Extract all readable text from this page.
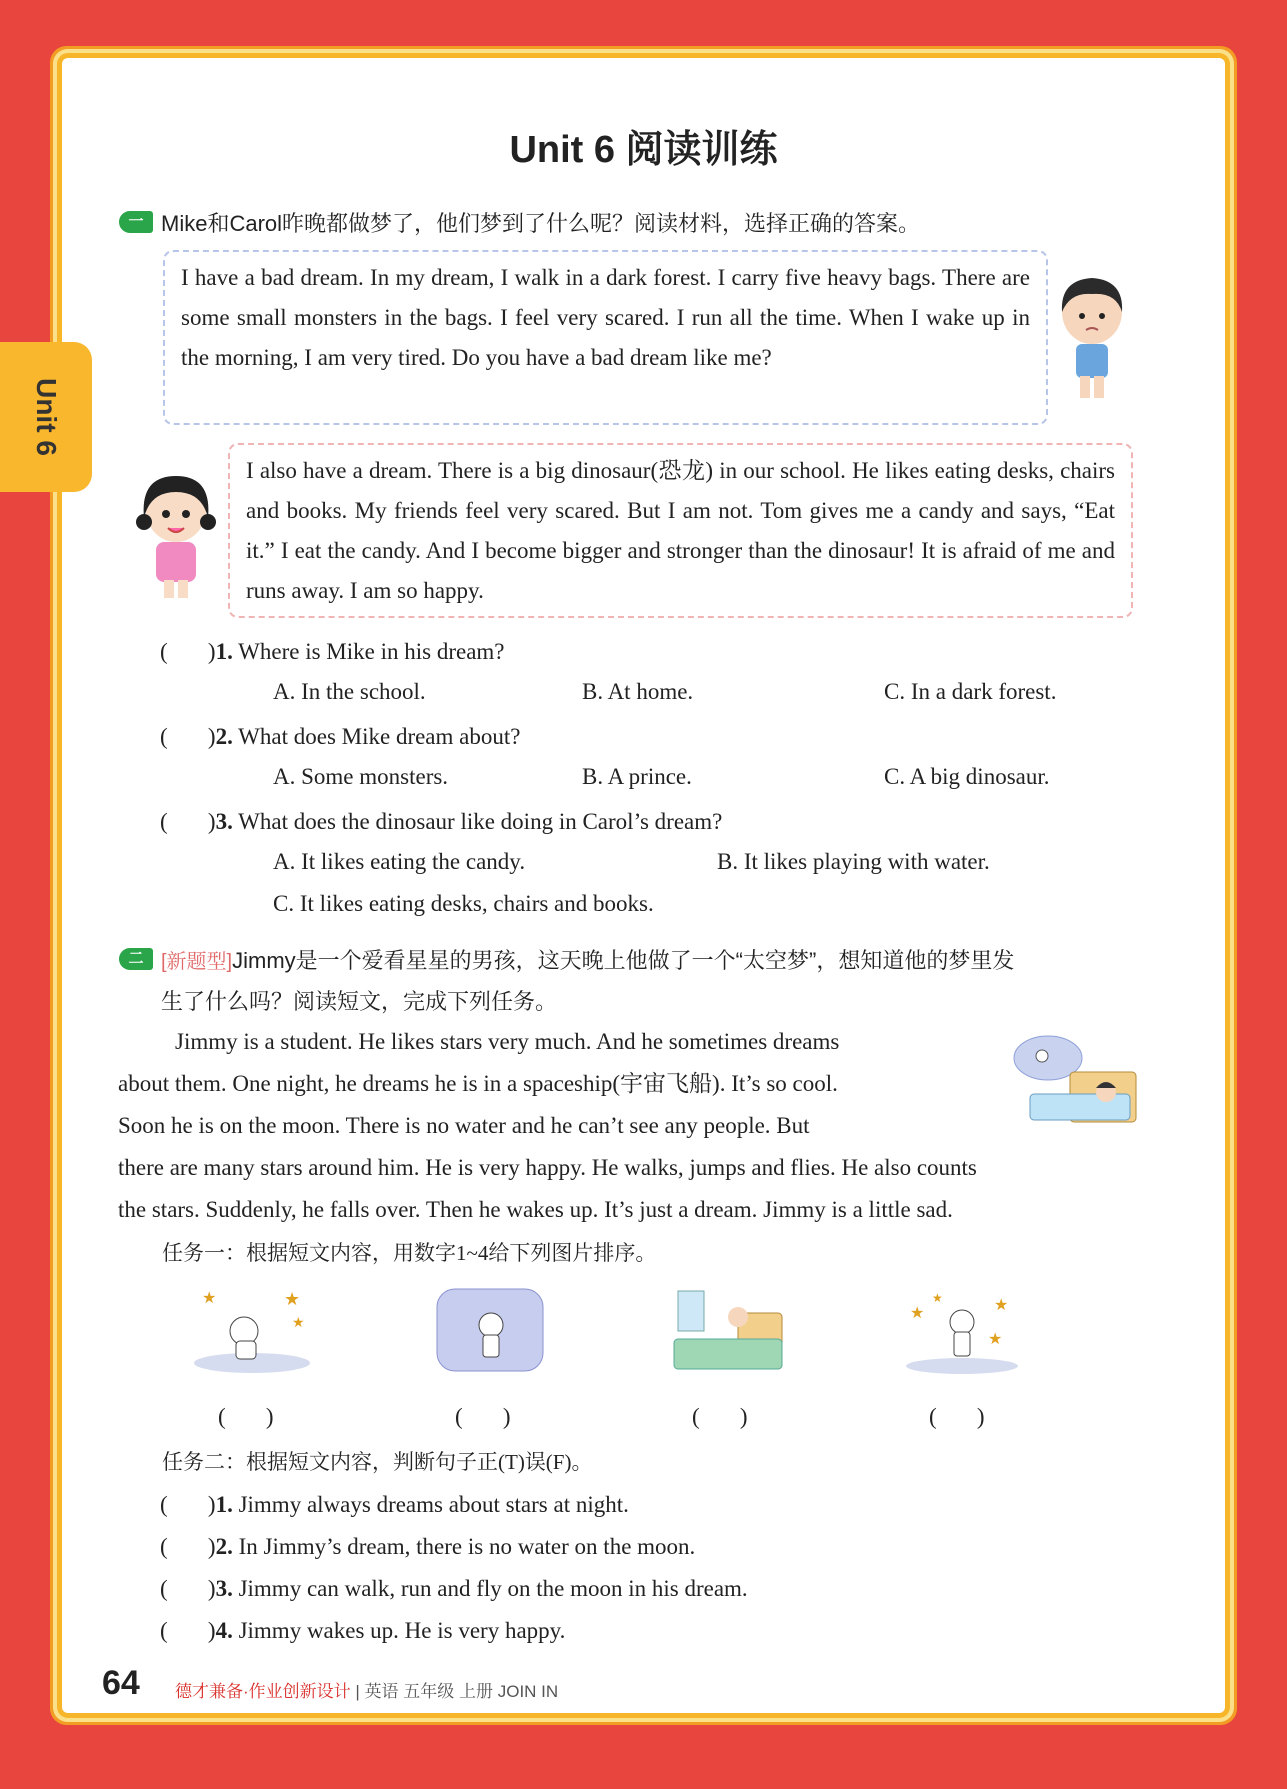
Unit 6
Unit 6 阅读训练
一 Mike和Carol昨晚都做梦了，他们梦到了什么呢？阅读材料，选择正确的答案。
I have a bad dream. In my dream, I walk in a dark forest. I carry five heavy bags. There are some small monsters in the bags. I feel very scared. I run all the time. When I wake up in the morning, I am very tired. Do you have a bad dream like me?
I also have a dream. There is a big dinosaur(恐龙) in our school. He likes eating desks, chairs and books. My friends feel very scared. But I am not. Tom gives me a candy and says, “Eat it.” I eat the candy. And I become bigger and stronger than the dinosaur! It is afraid of me and runs away. I am so happy.
(       )1. Where is Mike in his dream?
A. In the school.	B. At home.	C. In a dark forest.
(       )2. What does Mike dream about?
A. Some monsters.	B. A prince.	C. A big dinosaur.
(       )3. What does the dinosaur like doing in Carol’s dream?
A. It likes eating the candy.	B. It likes playing with water.
C. It likes eating desks, chairs and books.
二 [新题型]Jimmy是一个爱看星星的男孩，这天晚上他做了一个“太空梦”，想知道他的梦里发
生了什么吗？阅读短文，完成下列任务。
Jimmy is a student. He likes stars very much. And he sometimes dreams
about them. One night, he dreams he is in a spaceship(宇宙飞船). It’s so cool.
Soon he is on the moon. There is no water and he can’t see any people. But
there are many stars around him. He is very happy. He walks, jumps and flies. He also counts
the stars. Suddenly, he falls over. Then he wakes up. It’s just a dream. Jimmy is a little sad.
任务一：根据短文内容，用数字1~4给下列图片排序。
★	★
★
★	★
★
★
(       )	(       )	(       )	(       )
任务二：根据短文内容，判断句子正(T)误(F)。
(       )1. Jimmy always dreams about stars at night.
(       )2. In Jimmy’s dream, there is no water on the moon.
(       )3. Jimmy can walk, run and fly on the moon in his dream.
(       )4. Jimmy wakes up. He is very happy.
64 德才兼备·作业创新设计 | 英语 五年级 上册 JOIN IN
